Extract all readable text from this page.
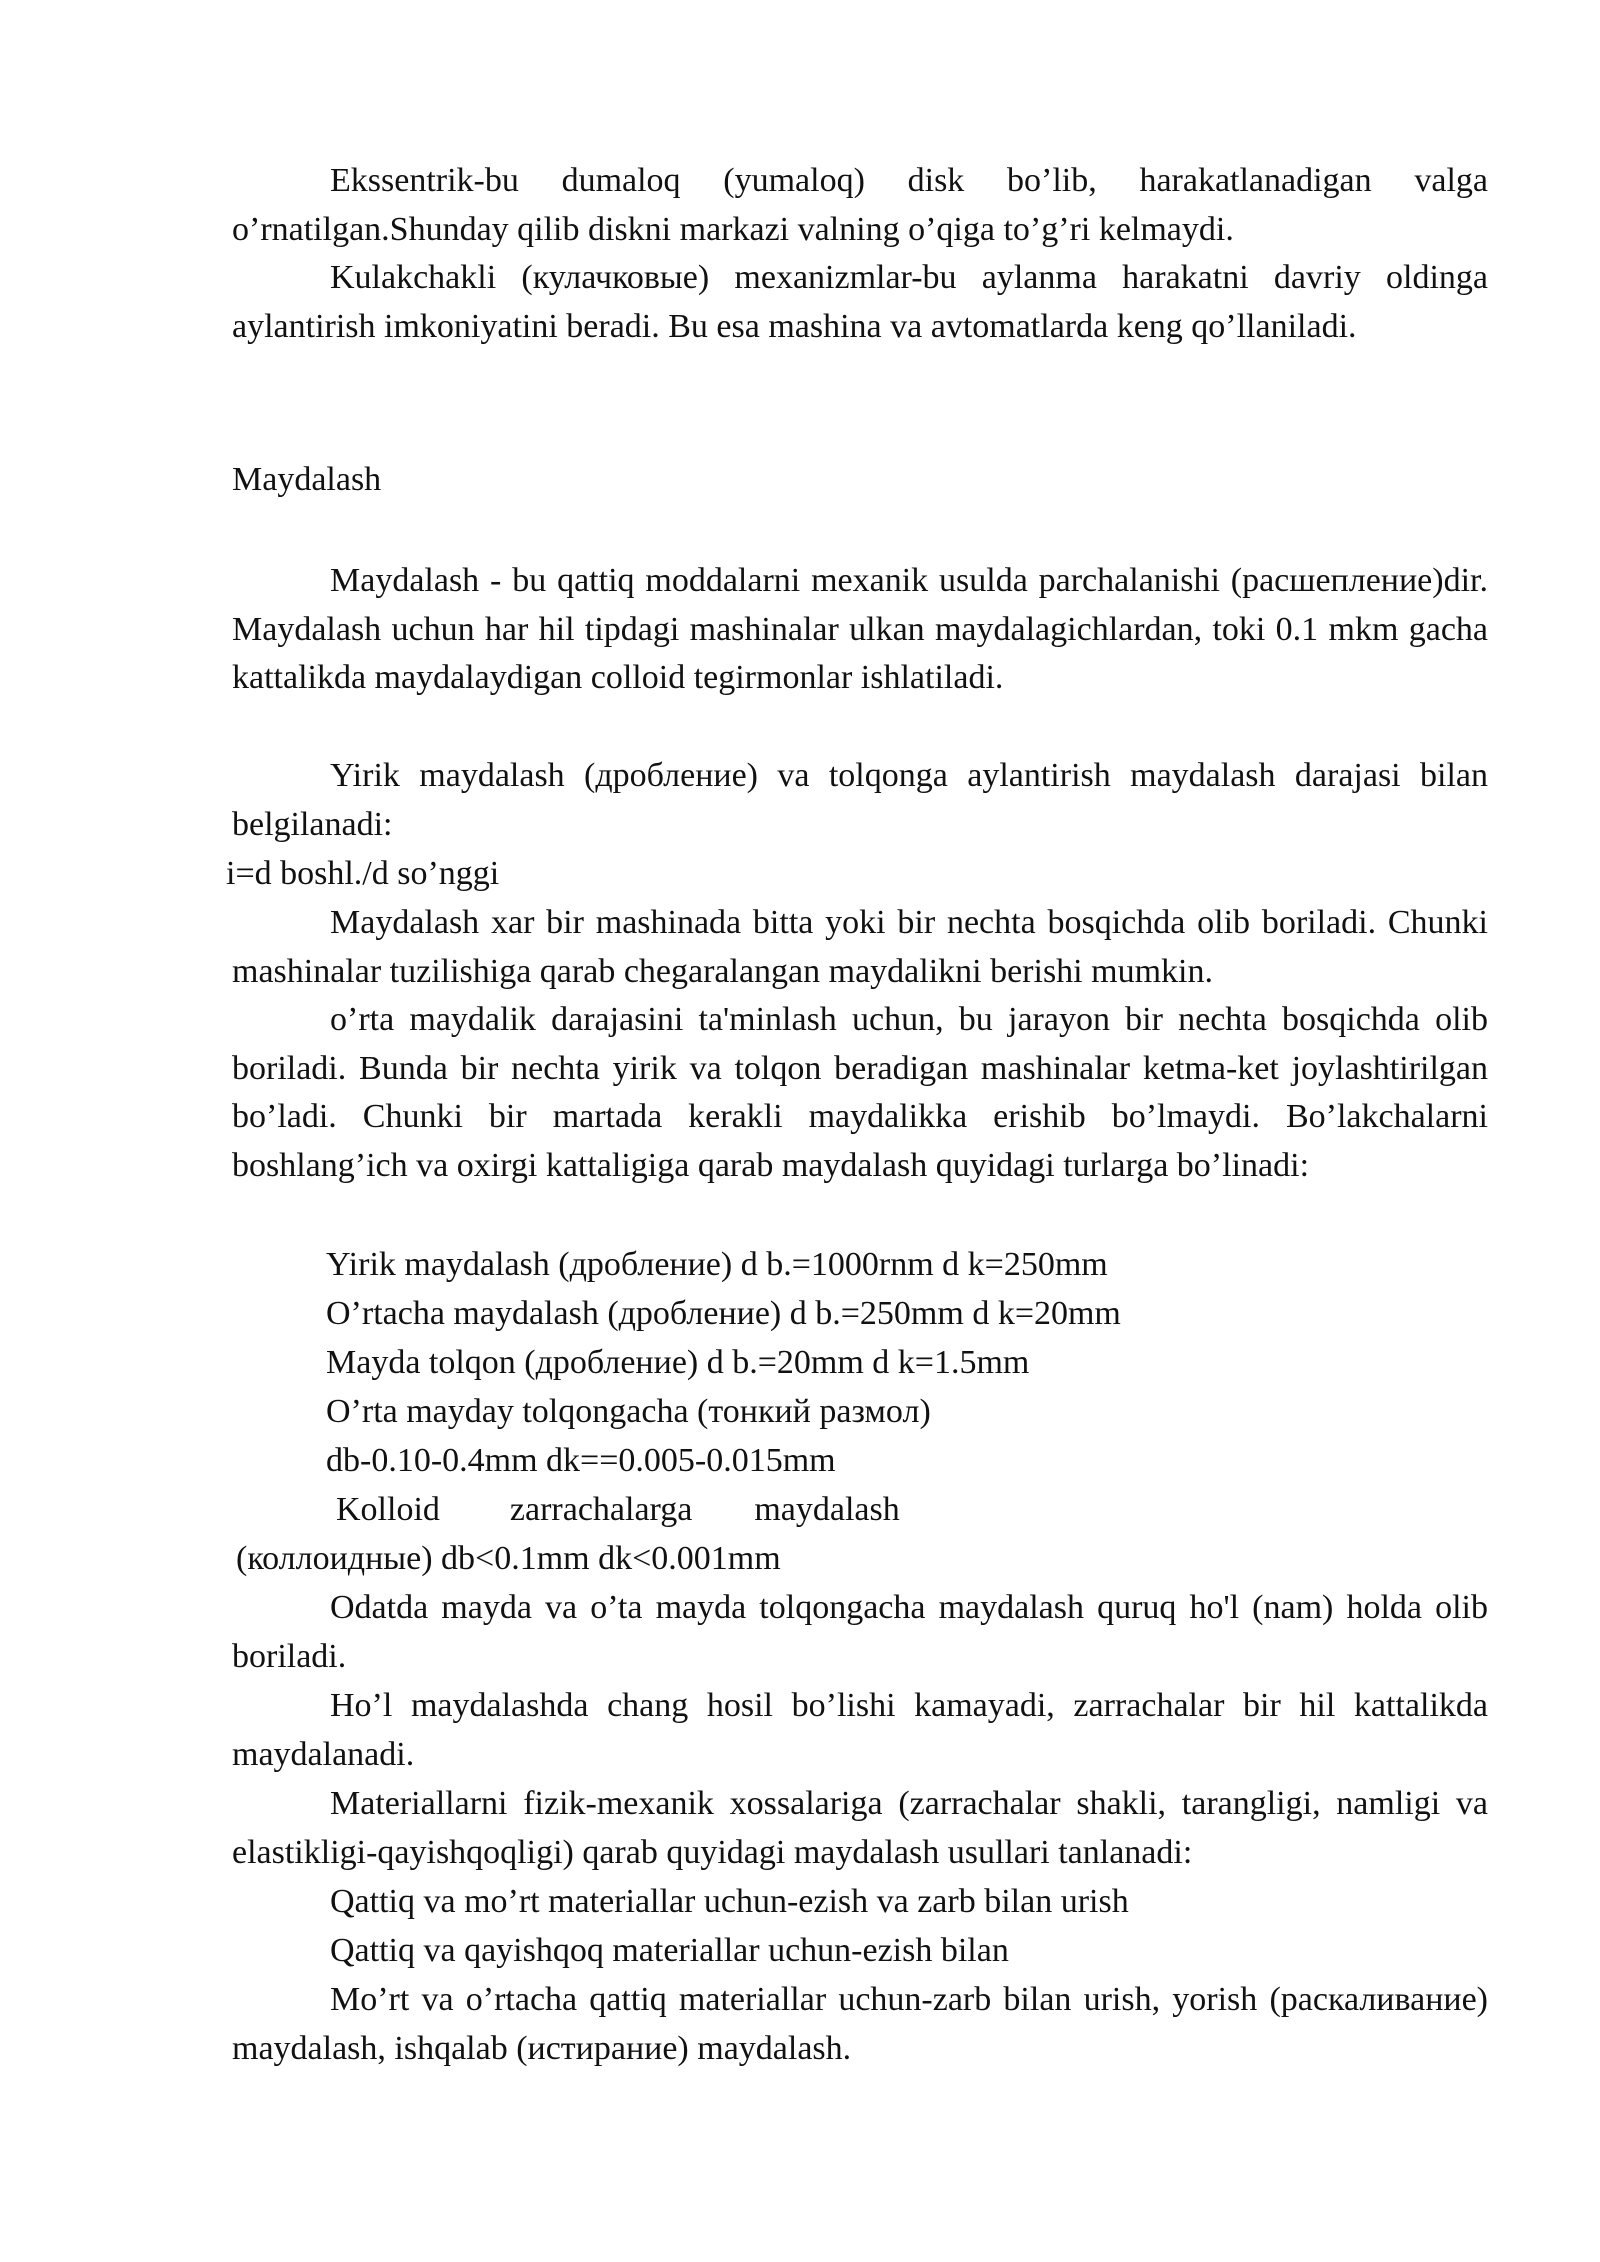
Ekssentrik-bu dumaloq (yumaloq) disk bo’lib, harakatlanadigan valga o’rnatilgan.Shunday qilib diskni markazi valning o’qiga to’g’ri kelmaydi.

Kulakchakli (кулачковые) mexanizmlar-bu aylanma harakatni davriy oldinga aylantirish imkoniyatini beradi. Bu esa mashina va avtomatlarda keng qo’llaniladi.

Maydalash

Maydalash - bu qattiq moddalarni mexanik usulda parchalanishi (расшепление)dir. Maydalash uchun har hil tipdagi mashinalar ulkan maydalagichlardan, toki 0.1 mkm gacha kattalikda maydalaydigan colloid tegirmonlar ishlatiladi.

Yirik maydalash (дробление) va tolqonga aylantirish maydalash darajasi bilan belgilanadi:

i=d boshl./d so’nggi

Maydalash xar bir mashinada bitta yoki bir nechta bosqichda olib boriladi. Chunki mashinalar tuzilishiga qarab chegaralangan maydalikni berishi mumkin.

o’rta maydalik darajasini ta'minlash uchun, bu jarayon bir nechta bosqichda olib boriladi. Bunda bir nechta yirik va tolqon beradigan mashinalar ketma-ket joylashtirilgan bo’ladi. Chunki bir martada kerakli maydalikka erishib bo’lmaydi. Bo’lakchalarni boshlang’ich va oxirgi kattaligiga qarab maydalash quyidagi turlarga bo’linadi:

Yirik maydalash (дробление) d b.=1000rnm d k=250mm

O’rtacha maydalash (дробление) d b.=250mm d k=20mm

Mayda tolqon (дробление) d b.=20mm d k=1.5mm

O’rta mayday tolqongacha (тонкий размол)

db-0.10-0.4mm dk==0.005-0.015mm

Kolloid zarrachalarga maydalash

(коллоидные) db<0.1mm dk<0.001mm

Odatda mayda va o’ta mayda tolqongacha maydalash quruq ho'l (nam) holda olib boriladi.

Ho’l maydalashda chang hosil bo’lishi kamayadi, zarrachalar bir hil kattalikda maydalanadi.

Materiallarni fizik-mexanik xossalariga (zarrachalar shakli, tarangligi, namligi va elastikligi-qayishqoqligi) qarab quyidagi maydalash usullari tanlanadi:

Qattiq va mo’rt materiallar uchun-ezish va zarb bilan urish

Qattiq va qayishqoq materiallar uchun-ezish bilan

Mo’rt va o’rtacha qattiq materiallar uchun-zarb bilan urish, yorish (раскаливание) maydalash, ishqalab (истирание) maydalash.
